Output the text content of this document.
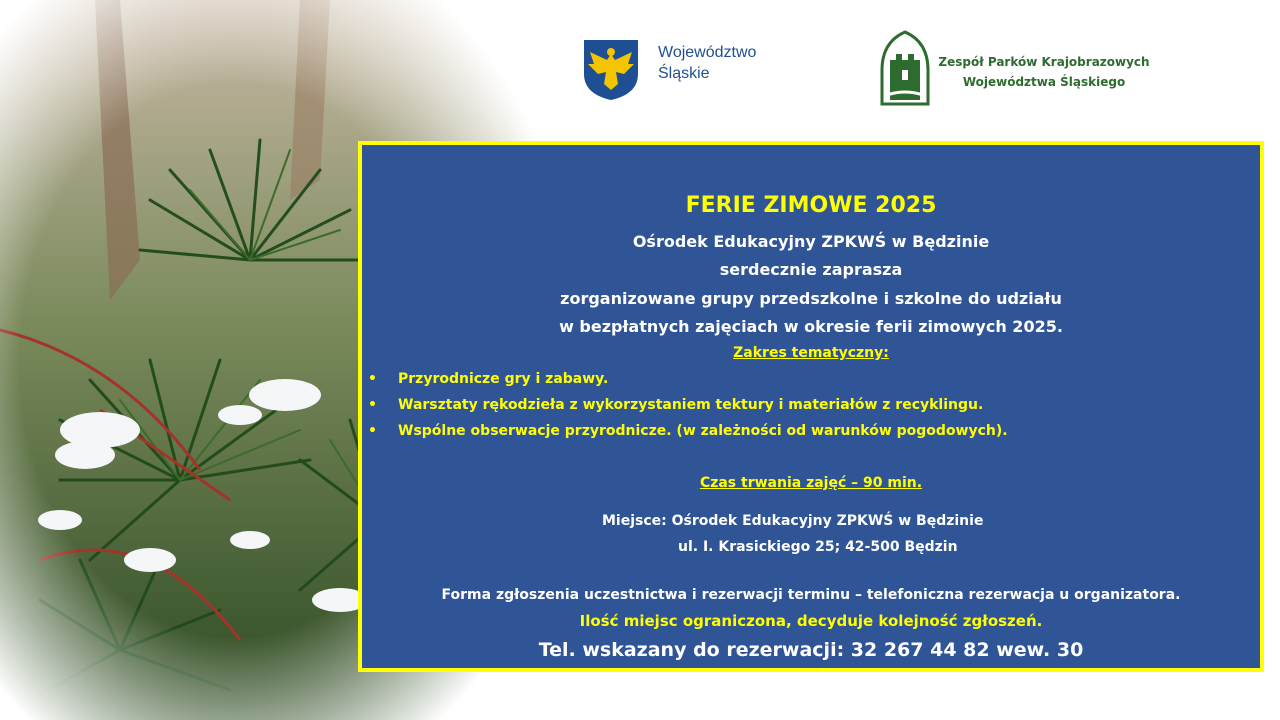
Województwo
Śląskie
Zespół Parków Krajobrazowych
Województwa Śląskiego
FERIE ZIMOWE 2025
Ośrodek Edukacyjny ZPKWŚ w Będzinie
serdecznie zaprasza
zorganizowane grupy przedszkolne i szkolne do udziału
w bezpłatnych zajęciach w okresie ferii zimowych 2025.
Zakres tematyczny:
• Przyrodnicze gry i zabawy.
• Warsztaty rękodzieła z wykorzystaniem tektury i materiałów z recyklingu.
• Wspólne obserwacje przyrodnicze. (w zależności od warunków pogodowych).
Czas trwania zajęć – 90 min.
Miejsce: Ośrodek Edukacyjny ZPKWŚ w Będzinie
ul. I. Krasickiego 25; 42-500 Będzin
Forma zgłoszenia uczestnictwa i rezerwacji terminu – telefoniczna rezerwacja u organizatora.
Ilość miejsc ograniczona, decyduje kolejność zgłoszeń.
Tel. wskazany do rezerwacji: 32 267 44 82 wew. 30
